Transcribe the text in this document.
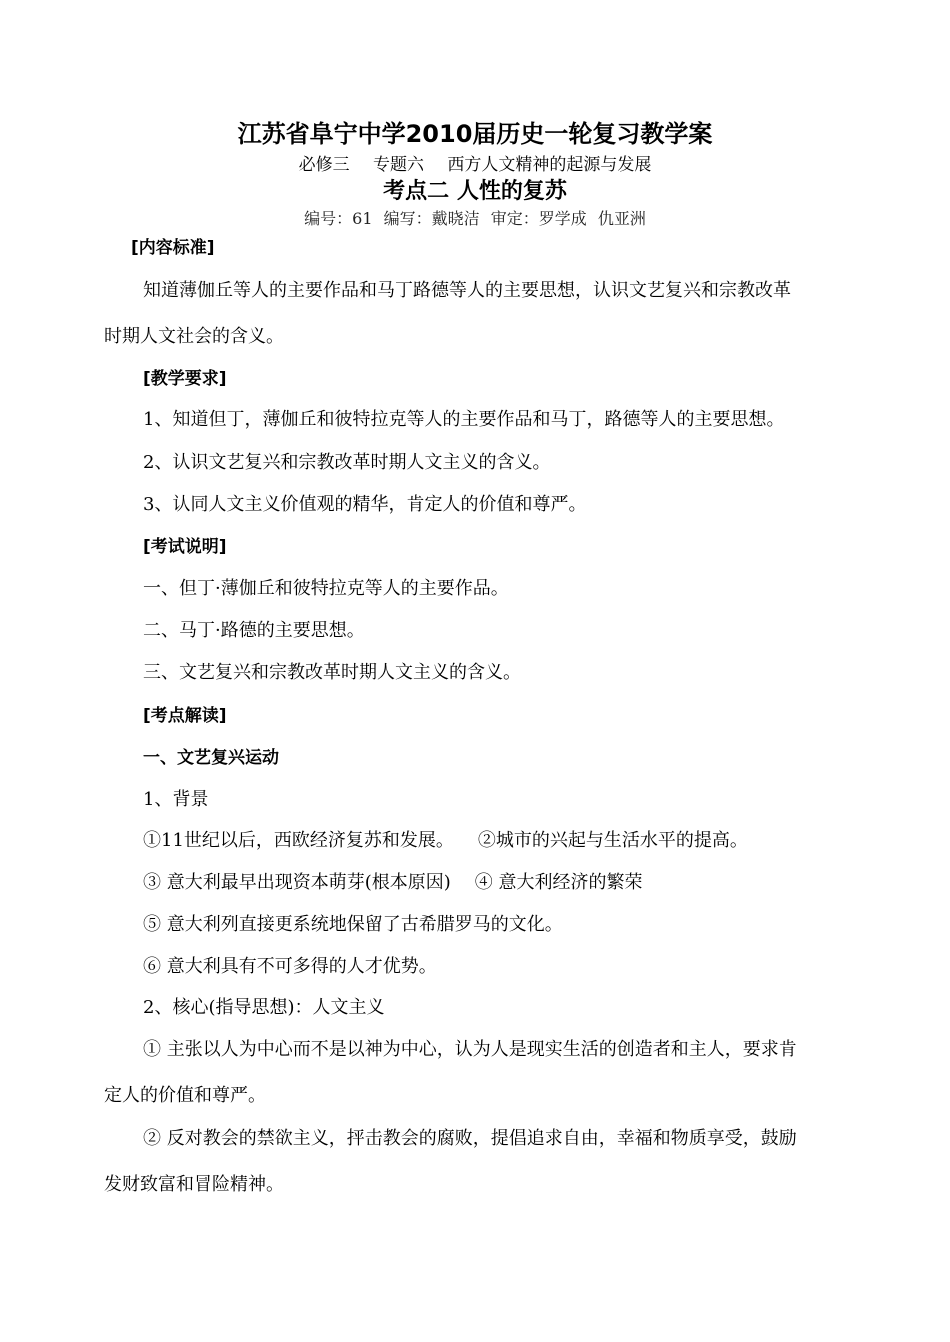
江苏省阜宁中学2010届历史一轮复习教学案
必修三 专题六 西方人文精神的起源与发展
考点二 人性的复苏
编号：61 编写：戴晓洁 审定：罗学成 仇亚洲
[内容标准]
知道薄伽丘等人的主要作品和马丁路德等人的主要思想，认识文艺复兴和宗教改革
时期人文社会的含义。
[教学要求]
1、知道但丁，薄伽丘和彼特拉克等人的主要作品和马丁，路德等人的主要思想。
2、认识文艺复兴和宗教改革时期人文主义的含义。
3、认同人文主义价值观的精华，肯定人的价值和尊严。
[考试说明]
一、但丁·薄伽丘和彼特拉克等人的主要作品。
二、马丁·路德的主要思想。
三、文艺复兴和宗教改革时期人文主义的含义。
[考点解读]
一、文艺复兴运动
1、背景
①11世纪以后，西欧经济复苏和发展。 ②城市的兴起与生活水平的提高。
③ 意大利最早出现资本萌芽(根本原因) ④ 意大利经济的繁荣
⑤ 意大利列直接更系统地保留了古希腊罗马的文化。
⑥ 意大利具有不可多得的人才优势。
2、核心(指导思想)：人文主义
① 主张以人为中心而不是以神为中心，认为人是现实生活的创造者和主人，要求肯
定人的价值和尊严。
② 反对教会的禁欲主义，抨击教会的腐败，提倡追求自由，幸福和物质享受，鼓励
发财致富和冒险精神。
